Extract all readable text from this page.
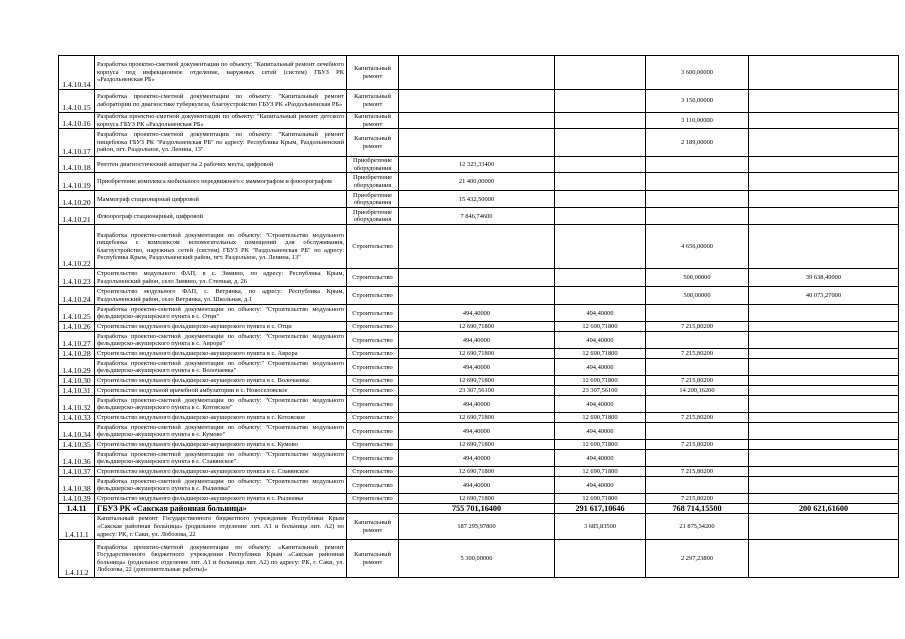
1.4.10.14	Разработка проектно-сметной документации по объекту: "Капитальный ремонт лечебного корпуса под инфекционное отделение, наружных сетей (систем) ГБУЗ РК «Раздольненская РБ»	Капитальный ремонт			3 600,00000	
1.4.10.15	Разработка проектно-сметной документации по объекту: "Капитальный ремонт лаборатории по диагностике туберкулеза, благоустройство ГБУЗ РК «Раздольненская РБ»	Капитальный ремонт			3 150,00000	
1.4.10.16	Разработка проектно-сметной документации по объекту: "Капитальный ремонт детского корпуса ГБУЗ РК «Раздольненская РБ»	Капитальный ремонт			3 110,00000	
1.4.10.17	Разработка проектно-сметной документации по объекту: "Капитальный ремонт пищеблока ГБУЗ РК "Раздольненская РБ" по адресу: Республика Крым, Раздольненский район, пгт. Раздольное, ул. Ленина, 13"	Капитальный ремонт			2 189,00000	
1.4.10.18	Рентген диагностический аппарат на 2 рабочих места, цифровой	Приобретение оборудования	12 323,33400			
1.4.10.19	Приобретение комплекса мобильного передвижного с маммографом и флюорографом	Приобретение оборудования	21 400,00000			
1.4.10.20	Маммограф стационарный цифровой	Приобретение оборудования	15 432,50000			
1.4.10.21	Флюорограф стационарный, цифровой	Приобретение оборудования	7 846,74600			
1.4.10.22	Разработка проектно-сметной документации по объекту: "Строительство модульного пищеблока с комплексом вспомогательных помещений для обслуживания, благоустройство, наружных сетей (систем) ГБУЗ РК "Раздольненская РБ" по адресу: Республика Крым, Раздольненский район, пгт. Раздольное, ул. Ленина, 13"	Строительство			4 656,00000	
1.4.10.23	Строительство модульного ФАП, в с. Зимино, по адресу: Республика Крым, Раздольненский район, село Зимино, ул. Степная, д. 26	Строительство			500,00000	39 638,49000
1.4.10.24	Строительство модульного ФАП, с. Ветрянка, по адресу: Республика Крым, Раздольненский район, село Ветрянка, ул. Школьная, д.1	Строительство			500,00000	40 073,27000
1.4.10.25	Разработка проектно-сметной документации по объекту: "Строительство модульного фельдшерско-акушерского пункта в с. Отци"	Строительство	494,40000	494,40000		
1.4.10.26	Строительство модульного фельдшерско-акушерского пункта в с. Отци	Строительство	12 690,71800	12 690,71800	7 215,80200	
1.4.10.27	Разработка проектно-сметной документации по объекту: "Строительство модульного фельдшерско-акушерского пункта в с. Аврора"	Строительство	494,40000	494,40000		
1.4.10.28	Строительство модульного фельдшерско-акушерского пункта в с. Аврора	Строительство	12 690,71800	12 690,71800	7 215,80200	
1.4.10.29	Разработка проектно-сметной документации по объекту:" Строительство модульного фельдшерско-акушерского пункта в с. Волочаевка"	Строительство	494,40000	494,40000		
1.4.10.30	Строительство модульного фельдшерско-акушерского пункта в с. Волочаевка	Строительство	12 690,71800	12 690,71800	7 215,80200	
1.4.10.31	Строительство модульной врачебной амбулатории в с. Новоселовское	Строительство	23 307,56100	23 307,56100	14 200,16200	
1.4.10.32	Разработка проектно-сметной документации по объекту: "Строительство модульного фельдшерско-акушерского пункта в с. Котовское"	Строительство	494,40000	494,40000		
1.4.10.33	Строительство модульного фельдшерско-акушерского пункта в с. Котовское	Строительство	12 690,71800	12 690,71800	7 215,80200	
1.4.10.34	Разработка проектно-сметной документации по объекту: "Строительство модульного фельдшерско-акушерского пункта в с. Кумово"	Строительство	494,40000	494,40000		
1.4.10.35	Строительство модульного фельдшерско-акушерского пункта в с. Кумово	Строительство	12 690,71800	12 690,71800	7 215,80200	
1.4.10.36	Разработка проектно-сметной документации по объекту: "Строительство модульного фельдшерско-акушерского пункта в с. Славянское"	Строительство	494,40000	494,40000		
1.4.10.37	Строительство модульного фельдшерско-акушерского пункта в с. Славянское	Строительство	12 690,71800	12 690,71800	7 215,80200	
1.4.10.38	Разработка проектно-сметной документации по объекту: "Строительство модульного фельдшерско-акушерского пункта в с. Рылеевка"	Строительство	494,40000	494,40000		
1.4.10.39	Строительство модульного фельдшерско-акушерского пункта в с. Рылеевка	Строительство	12 690,71800	12 690,71800	7 215,80200	
1.4.11	ГБУЗ РК «Сакская районная больница»		755 701,16400	291 617,10646	768 714,15500	200 621,61600
1.4.11.1	Капитальный ремонт Государственного бюджетного учреждения Республики Крым «Сакская районная больница» (родильное отделение лит. А1 и больница лит. А2) по адресу: РК, г. Саки, ул. Лобозова, 22	Капитальный ремонт	187 295,97800	3 685,83500	21 875,34200	
1.4.11.2	Разработка проектно-сметной документации по объекту: «Капитальный ремонт Государственного бюджетного учреждения Республики Крым «Сакская районная больница» (родильное отделение лит. А1 и больница лит. А2) по адресу: РК, г. Саки, ул. Лобозова, 22 (дополнительные работы)»	Капитальный ремонт	5 300,00000		2 297,23800	
